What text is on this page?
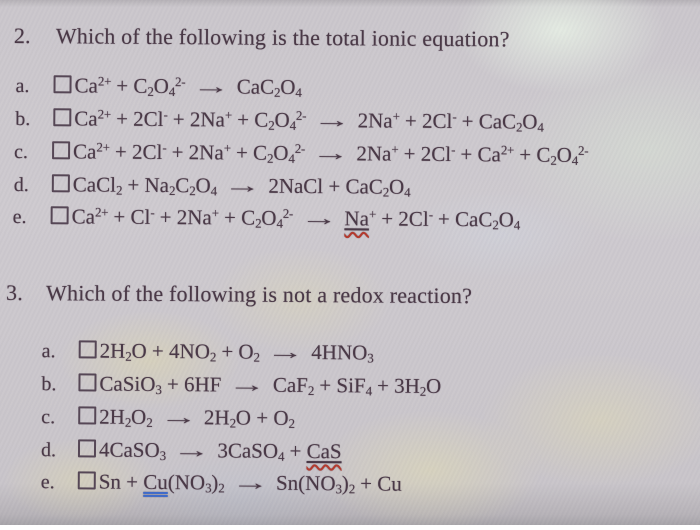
2. Which of the following is the total ionic equation?
a. $Ca^{2+} + C_2O_4^{2-} \to CaC_2O_4$
b. $Ca^{2+} + 2Cl^- + 2Na^+ + C_2O_4^{2-} \to 2Na^+ + 2Cl^- + CaC_2O_4$
c. $Ca^{2+} + 2Cl^- + 2Na^+ + C_2O_4^{2-} \to 2Na^+ + 2Cl^- + Ca^{2+} + C_2O_4^{2-}$
d. CaCl$_2$ + $Na_2C_2O_4$ → 2NaCl + $CaC_2O_4$
e. $Ca^{2+} + Cl^- + 2Na^+ + C_2O_4^{2-} \to Na^+ + 2Cl^- + CaC_2O_4$
3. Which of the following is not a redox reaction?
a. $2H_2O + 4NO_2 + O_2 \to 4HNO_3$
b. CaSiO$_3$ + $6HF \to CaF_2 + SiF_4 + 3H_2O$
c. $2H_2O_2 \to 2H_2O + O_2$
d. 4CaSO$_3$ → 3CaSO$_4$ + CaS
e. $Sn + Cu(NO_3)_2 \to Sn(NO_3)_2 + Cu$
